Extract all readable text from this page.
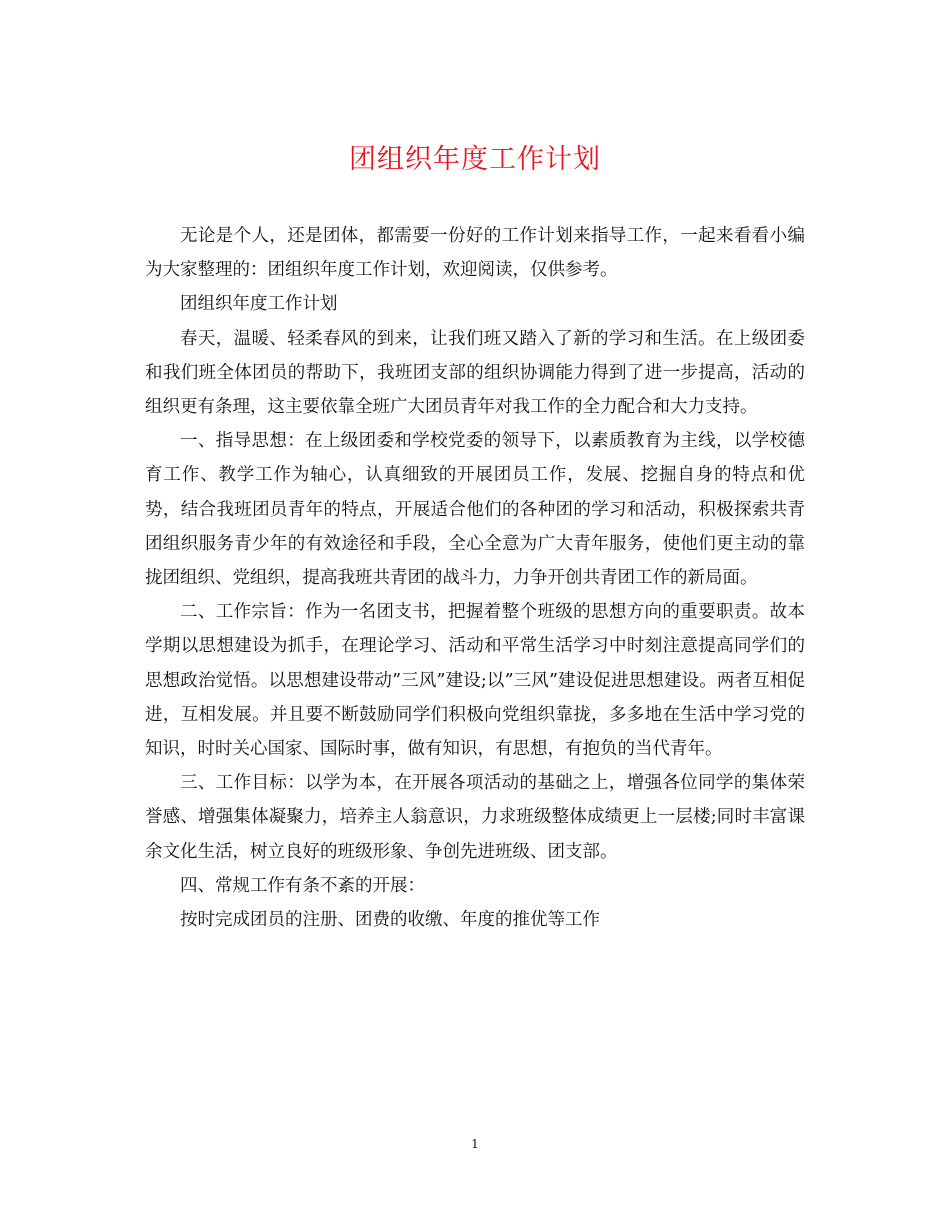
团组织年度工作计划

无论是个人，还是团体，都需要一份好的工作计划来指导工作，一起来看看小编为大家整理的：团组织年度工作计划，欢迎阅读，仅供参考。

团组织年度工作计划

春天，温暖、轻柔春风的到来，让我们班又踏入了新的学习和生活。在上级团委和我们班全体团员的帮助下，我班团支部的组织协调能力得到了进一步提高，活动的组织更有条理，这主要依靠全班广大团员青年对我工作的全力配合和大力支持。

一、指导思想：在上级团委和学校党委的领导下，以素质教育为主线，以学校德育工作、教学工作为轴心，认真细致的开展团员工作，发展、挖掘自身的特点和优势，结合我班团员青年的特点，开展适合他们的各种团的学习和活动，积极探索共青团组织服务青少年的有效途径和手段，全心全意为广大青年服务，使他们更主动的靠拢团组织、党组织，提高我班共青团的战斗力，力争开创共青团工作的新局面。

二、工作宗旨：作为一名团支书，把握着整个班级的思想方向的重要职责。故本学期以思想建设为抓手，在理论学习、活动和平常生活学习中时刻注意提高同学们的思想政治觉悟。以思想建设带动”三风”建设;以”三风”建设促进思想建设。两者互相促进，互相发展。并且要不断鼓励同学们积极向党组织靠拢，多多地在生活中学习党的知识，时时关心国家、国际时事，做有知识，有思想，有抱负的当代青年。

三、工作目标：以学为本，在开展各项活动的基础之上，增强各位同学的集体荣誉感、增强集体凝聚力，培养主人翁意识，力求班级整体成绩更上一层楼;同时丰富课余文化生活，树立良好的班级形象、争创先进班级、团支部。

四、常规工作有条不紊的开展：

按时完成团员的注册、团费的收缴、年度的推优等工作

1
